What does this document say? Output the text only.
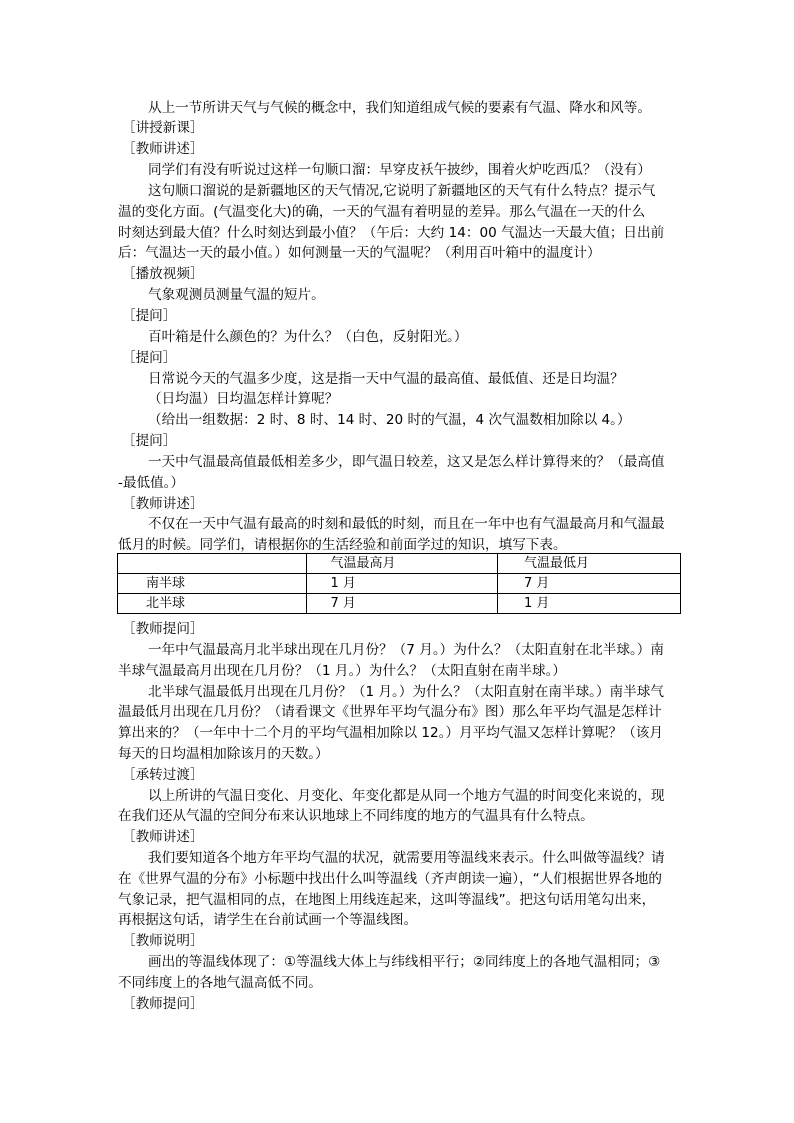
从上一节所讲天气与气候的概念中，我们知道组成气候的要素有气温、降水和风等。
［讲授新课］
［教师讲述］
同学们有没有听说过这样一句顺口溜：早穿皮袄午披纱，围着火炉吃西瓜？（没有）
这句顺口溜说的是新疆地区的天气情况,它说明了新疆地区的天气有什么特点？提示气
温的变化方面。(气温变化大)的确，一天的气温有着明显的差异。那么气温在一天的什么
时刻达到最大值？什么时刻达到最小值？（午后：大约 14：00 气温达一天最大值；日出前
后：气温达一天的最小值。）如何测量一天的气温呢？（利用百叶箱中的温度计）
［播放视频］
气象观测员测量气温的短片。
［提问］
百叶箱是什么颜色的？为什么？（白色，反射阳光。）
［提问］
日常说今天的气温多少度，这是指一天中气温的最高值、最低值、还是日均温？
（日均温）日均温怎样计算呢？
（给出一组数据：2 时、8 时、14 时、20 时的气温，4 次气温数相加除以 4。）
［提问］
一天中气温最高值最低相差多少，即气温日较差，这又是怎么样计算得来的？（最高值
-最低值。）
［教师讲述］
不仅在一天中气温有最高的时刻和最低的时刻，而且在一年中也有气温最高月和气温最
低月的时候。同学们，请根据你的生活经验和前面学过的知识，填写下表。
	气温最高月	气温最低月
南半球	1 月	7 月
北半球	7 月	1 月
［教师提问］
一年中气温最高月北半球出现在几月份？（7 月。）为什么？（太阳直射在北半球。）南
半球气温最高月出现在几月份？（1 月。）为什么？（太阳直射在南半球。）
北半球气温最低月出现在几月份？（1 月。）为什么？（太阳直射在南半球。）南半球气
温最低月出现在几月份？（请看课文《世界年平均气温分布》图）那么年平均气温是怎样计
算出来的？（一年中十二个月的平均气温相加除以 12。）月平均气温又怎样计算呢？（该月
每天的日均温相加除该月的天数。）
［承转过渡］
以上所讲的气温日变化、月变化、年变化都是从同一个地方气温的时间变化来说的，现
在我们还从气温的空间分布来认识地球上不同纬度的地方的气温具有什么特点。
［教师讲述］
我们要知道各个地方年平均气温的状况，就需要用等温线来表示。什么叫做等温线？请
在《世界气温的分布》小标题中找出什么叫等温线（齐声朗读一遍），“人们根据世界各地的
气象记录，把气温相同的点，在地图上用线连起来，这叫等温线”。把这句话用笔勾出来，
再根据这句话，请学生在台前试画一个等温线图。
［教师说明］
画出的等温线体现了：①等温线大体上与纬线相平行；②同纬度上的各地气温相同；③
不同纬度上的各地气温高低不同。
［教师提问］
